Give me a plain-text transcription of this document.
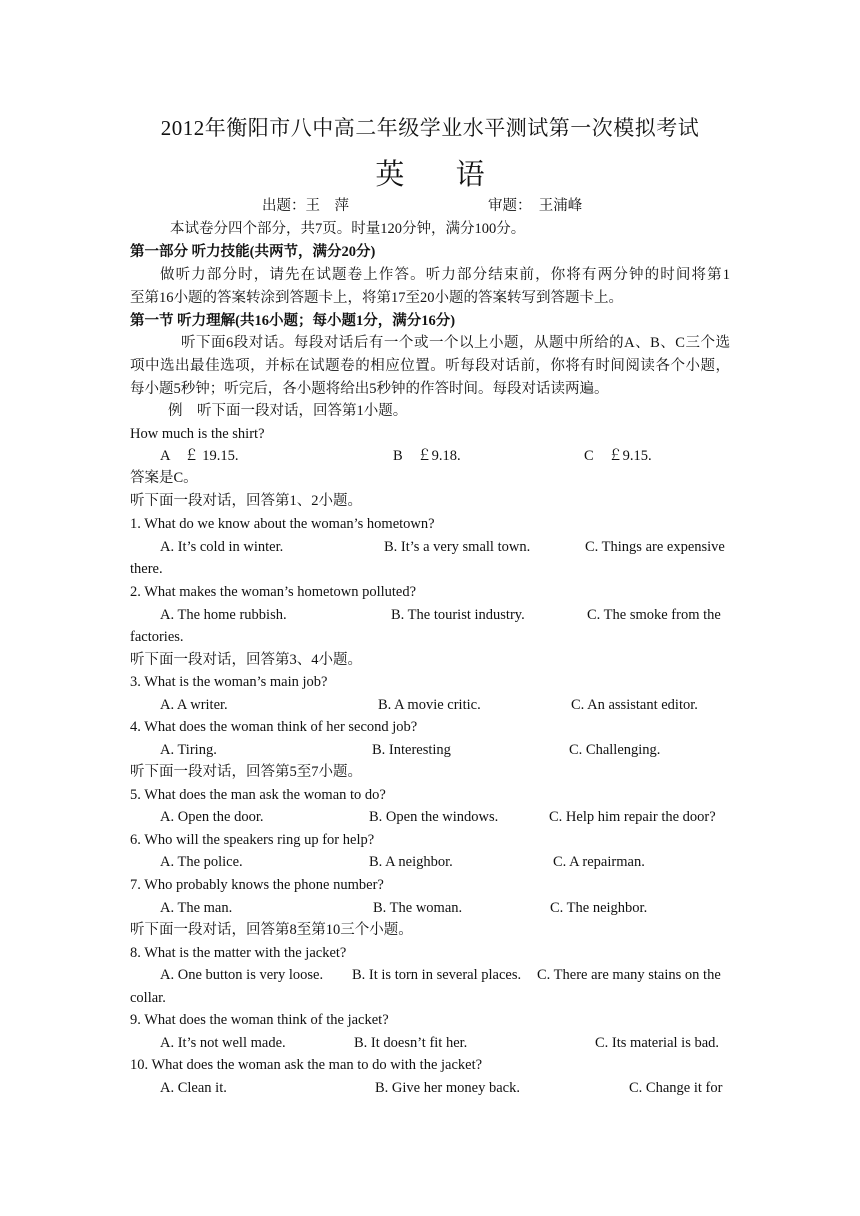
2012年衡阳市八中高二年级学业水平测试第一次模拟考试
英 语
出题：王　萍	审题：　王浦峰
本试卷分四个部分，共7页。时量120分钟，满分100分。
第一部分 听力技能(共两节，满分20分)
做听力部分时，请先在试题卷上作答。听力部分结束前，你将有两分钟的时间将第1
至第16小题的答案转涂到答题卡上，将第17至20小题的答案转写到答题卡上。
第一节 听力理解(共16小题；每小题1分，满分16分)
听下面6段对话。每段对话后有一个或一个以上小题，从题中所给的A、B、C三个选
项中选出最佳选项，并标在试题卷的相应位置。听每段对话前，你将有时间阅读各个小题，
每小题5秒钟；听完后，各小题将给出5秒钟的作答时间。每段对话读两遍。
例　听下面一段对话，回答第1小题。
How much is the shirt?
A　￡ 19.15.	B　￡9.18.	C　￡9.15.
答案是C。
听下面一段对话，回答第1、2小题。
1. What do we know about the woman’s hometown?
A. It’s cold in winter.	B. It’s a very small town.	C. Things are expensive
there.
2. What makes the woman’s hometown polluted?
A. The home rubbish.	B. The tourist industry.	C. The smoke from the
factories.
听下面一段对话，回答第3、4小题。
3. What is the woman’s main job?
A. A writer.	B. A movie critic.	C. An assistant editor.
4. What does the woman think of her second job?
A. Tiring.	B. Interesting	C. Challenging.
听下面一段对话，回答第5至7小题。
5. What does the man ask the woman to do?
A. Open the door.	B. Open the windows.	C. Help him repair the door?
6. Who will the speakers ring up for help?
A. The police.	B. A neighbor.	C. A repairman.
7. Who probably knows the phone number?
A. The man.	B. The woman.	C. The neighbor.
听下面一段对话，回答第8至第10三个小题。
8. What is the matter with the jacket?
A. One button is very loose. B. It is torn in several places. C. There are many stains on the
collar.
9. What does the woman think of the jacket?
A. It’s not well made.	B. It doesn’t fit her.	C. Its material is bad.
10. What does the woman ask the man to do with the jacket?
A. Clean it.	B. Give her money back.	C. Change it for
